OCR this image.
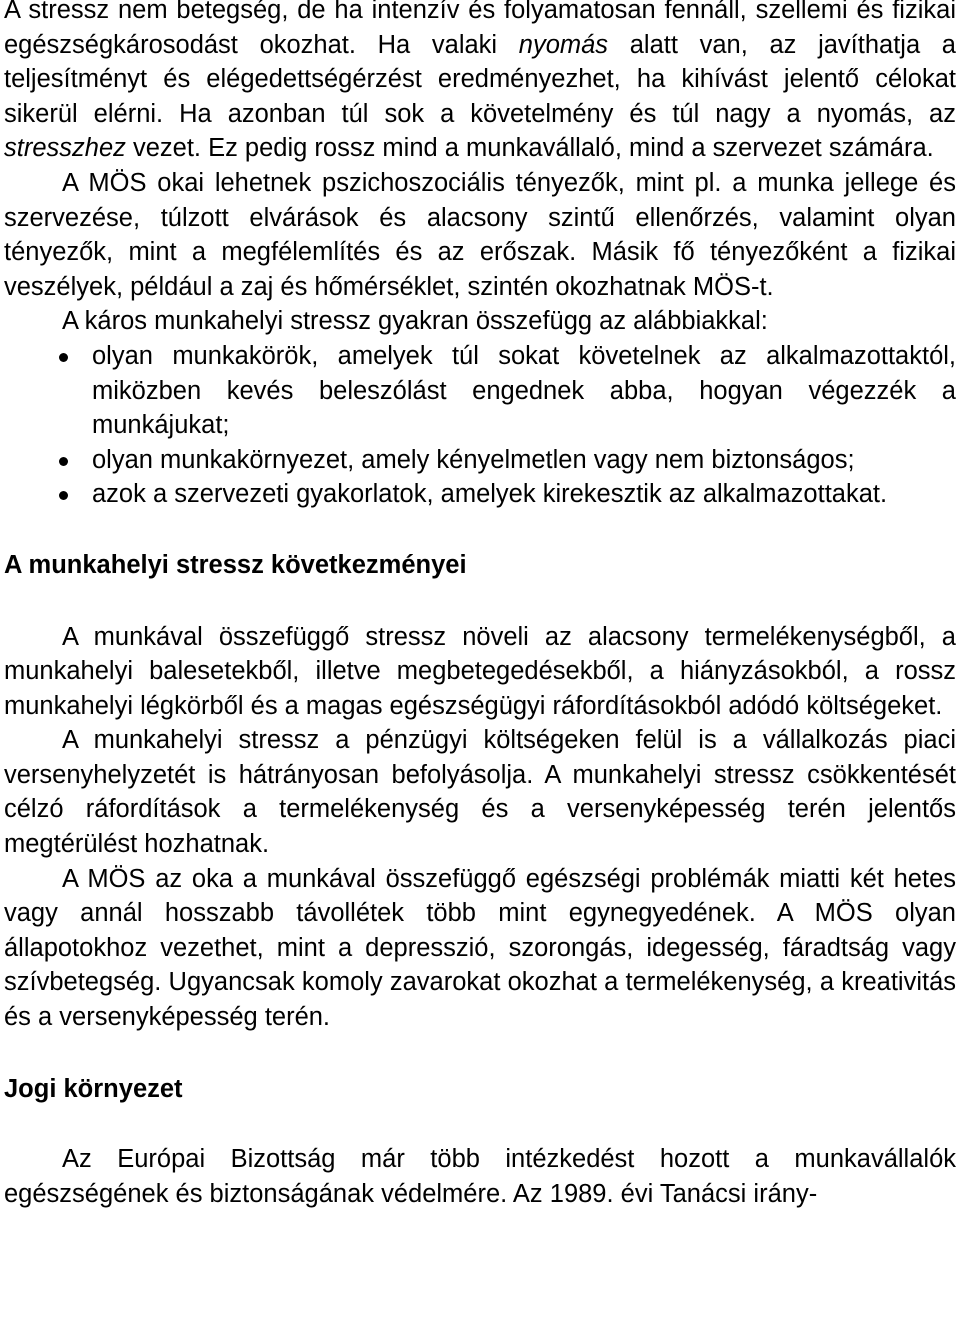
A stressz nem betegség, de ha intenzív és folyamatosan fennáll, szellemi és fizikai egészségkárosodást okozhat. Ha valaki nyomás alatt van, az javíthatja a teljesítményt és elégedettségérzést eredményezhet, ha kihívást jelentő célokat sikerül elérni. Ha azonban túl sok a követelmény és túl nagy a nyomás, az stresszhez vezet. Ez pedig rossz mind a munkavállaló, mind a szervezet számára.

A MÖS okai lehetnek pszichoszociális tényezők, mint pl. a munka jellege és szervezése, túlzott elvárások és alacsony szintű ellenőrzés, valamint olyan tényezők, mint a megfélemlítés és az erőszak. Másik fő tényezőként a fizikai veszélyek, például a zaj és hőmérséklet, szintén okozhatnak MÖS-t.

A káros munkahelyi stressz gyakran összefügg az alábbiakkal:

olyan munkakörök, amelyek túl sokat követelnek az alkalmazottaktól, miközben kevés beleszólást engednek abba, hogyan végezzék a munkájukat;
olyan munkakörnyezet, amely kényelmetlen vagy nem biztonságos;
azok a szervezeti gyakorlatok, amelyek kirekesztik az alkalmazottakat.
A munkahelyi stressz következményei

A munkával összefüggő stressz növeli az alacsony termelékenységből, a munkahelyi balesetekből, illetve megbetegedésekből, a hiányzásokból, a rossz munkahelyi légkörből és a magas egészségügyi ráfordításokból adódó költségeket.

A munkahelyi stressz a pénzügyi költségeken felül is a vállalkozás piaci versenyhelyzetét is hátrányosan befolyásolja. A munkahelyi stressz csökkentését célzó ráfordítások a termelékenység és a versenyképesség terén jelentős megtérülést hozhatnak.

A MÖS az oka a munkával összefüggő egészségi problémák miatti két hetes vagy annál hosszabb távollétek több mint egynegyedének. A MÖS olyan állapotokhoz vezethet, mint a depresszió, szorongás, idegesség, fáradtság vagy szívbetegség. Ugyancsak komoly zavarokat okozhat a termelékenység, a kreativitás és a versenyképesség terén.

Jogi környezet

Az Európai Bizottság már több intézkedést hozott a munkavállalók egészségének és biztonságának védelmére. Az 1989. évi Tanácsi irány-
